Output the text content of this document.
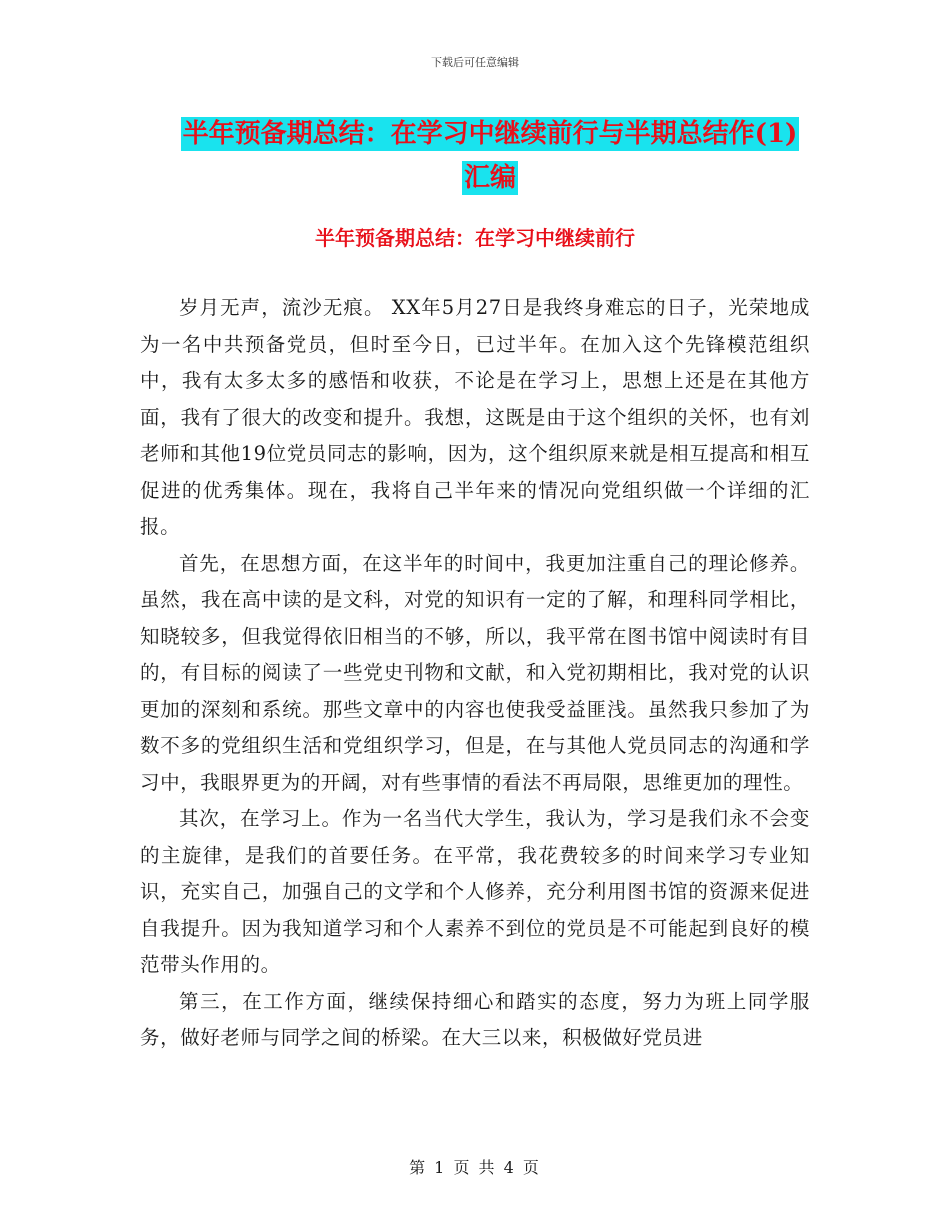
下载后可任意编辑
半年预备期总结：在学习中继续前行与半期总结作(1)
汇编
半年预备期总结：在学习中继续前行

岁月无声，流沙无痕。 XX年5月27日是我终身难忘的日子，光荣地成为一名中共预备党员，但时至今日，已过半年。在加入这个先锋模范组织中，我有太多太多的感悟和收获，不论是在学习上，思想上还是在其他方面，我有了很大的改变和提升。我想，这既是由于这个组织的关怀，也有刘老师和其他19位党员同志的影响，因为，这个组织原来就是相互提高和相互促进的优秀集体。现在，我将自己半年来的情况向党组织做一个详细的汇报。

首先，在思想方面，在这半年的时间中，我更加注重自己的理论修养。虽然，我在高中读的是文科，对党的知识有一定的了解，和理科同学相比，知晓较多，但我觉得依旧相当的不够，所以，我平常在图书馆中阅读时有目的，有目标的阅读了一些党史刊物和文献，和入党初期相比，我对党的认识更加的深刻和系统。那些文章中的内容也使我受益匪浅。虽然我只参加了为数不多的党组织生活和党组织学习，但是，在与其他人党员同志的沟通和学习中，我眼界更为的开阔，对有些事情的看法不再局限，思维更加的理性。

其次，在学习上。作为一名当代大学生，我认为，学习是我们永不会变的主旋律，是我们的首要任务。在平常，我花费较多的时间来学习专业知识，充实自己，加强自己的文学和个人修养，充分利用图书馆的资源来促进自我提升。因为我知道学习和个人素养不到位的党员是不可能起到良好的模范带头作用的。

第三，在工作方面，继续保持细心和踏实的态度，努力为班上同学服务，做好老师与同学之间的桥梁。在大三以来，积极做好党员进

第 1 页 共 4 页
